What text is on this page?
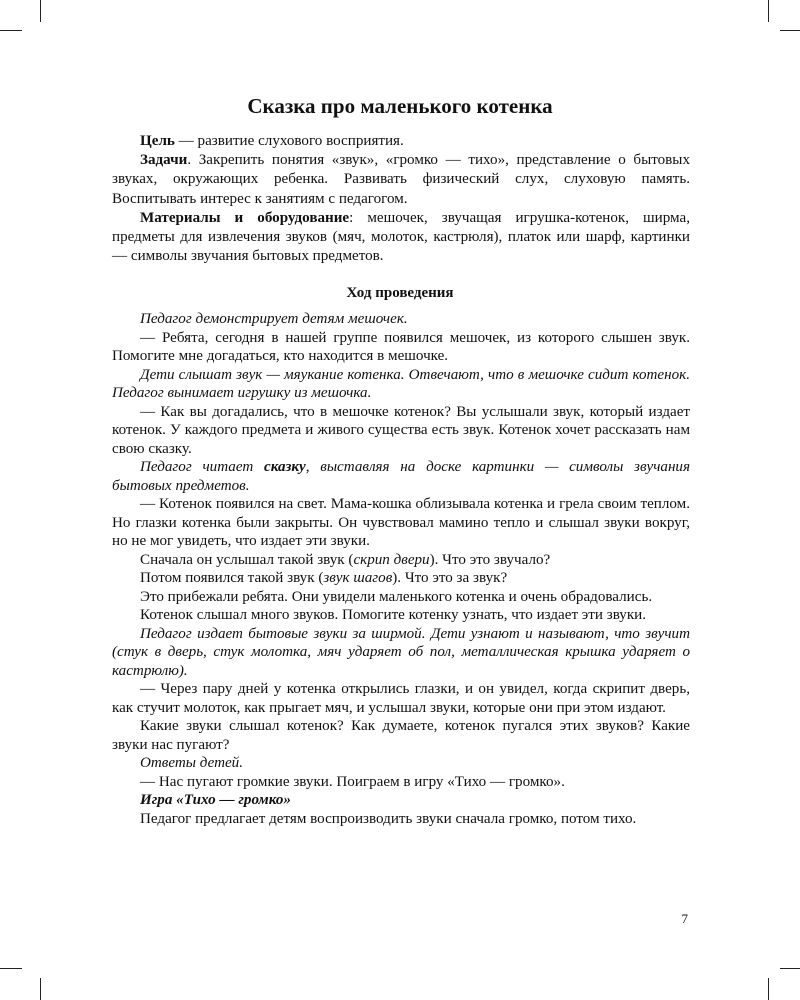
Сказка про маленького котенка

Цель — развитие слухового восприятия.

Задачи. Закрепить понятия «звук», «громко — тихо», представление о бытовых звуках, окружающих ребенка. Развивать физический слух, слуховую память. Воспитывать интерес к занятиям с педагогом.

Материалы и оборудование: мешочек, звучащая игрушка-котенок, ширма, предметы для извлечения звуков (мяч, молоток, кастрюля), платок или шарф, картинки — символы звучания бытовых предметов.

Ход проведения

Педагог демонстрирует детям мешочек.

— Ребята, сегодня в нашей группе появился мешочек, из которого слышен звук. Помогите мне догадаться, кто находится в мешочке.

Дети слышат звук — мяукание котенка. Отвечают, что в мешочке сидит котенок. Педагог вынимает игрушку из мешочка.

— Как вы догадались, что в мешочке котенок? Вы услышали звук, который издает котенок. У каждого предмета и живого существа есть звук. Котенок хочет рассказать нам свою сказку.

Педагог читает сказку, выставляя на доске картинки — символы звучания бытовых предметов.

— Котенок появился на свет. Мама-кошка облизывала котенка и грела своим теплом. Но глазки котенка были закрыты. Он чувствовал мамино тепло и слышал звуки вокруг, но не мог увидеть, что издает эти звуки.

Сначала он услышал такой звук (скрип двери). Что это звучало?

Потом появился такой звук (звук шагов). Что это за звук?

Это прибежали ребята. Они увидели маленького котенка и очень обрадовались.

Котенок слышал много звуков. Помогите котенку узнать, что издает эти звуки.

Педагог издает бытовые звуки за ширмой. Дети узнают и называют, что звучит (стук в дверь, стук молотка, мяч ударяет об пол, металлическая крышка ударяет о кастрюлю).

— Через пару дней у котенка открылись глазки, и он увидел, когда скрипит дверь, как стучит молоток, как прыгает мяч, и услышал звуки, которые они при этом издают.

Какие звуки слышал котенок? Как думаете, котенок пугался этих звуков? Какие звуки нас пугают?

Ответы детей.

— Нас пугают громкие звуки. Поиграем в игру «Тихо — громко».

Игра «Тихо — громко»

Педагог предлагает детям воспроизводить звуки сначала громко, потом тихо.

7
